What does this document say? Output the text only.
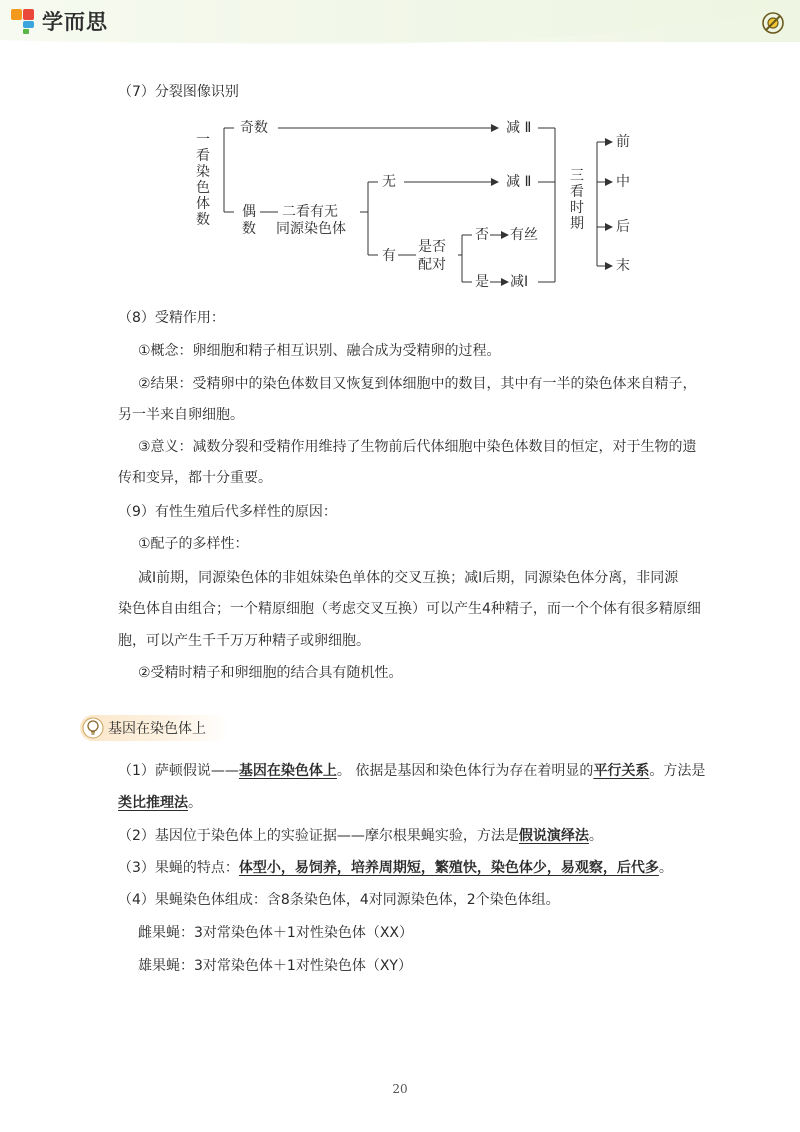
学而思
（7）分裂图像识别
一看染色体数
奇数
偶
数
二看有无
同源染色体
无
有
是否
配对
否
是
减 Ⅱ
减 Ⅱ
有丝
减Ⅰ
三看时期
前
中
后
末
（8）受精作用：
①概念：卵细胞和精子相互识别、融合成为受精卵的过程。
②结果：受精卵中的染色体数目又恢复到体细胞中的数目，其中有一半的染色体来自精子，
另一半来自卵细胞。
③意义：减数分裂和受精作用维持了生物前后代体细胞中染色体数目的恒定，对于生物的遗
传和变异，都十分重要。
（9）有性生殖后代多样性的原因：
①配子的多样性：
减Ⅰ前期，同源染色体的非姐妹染色单体的交叉互换；减Ⅰ后期，同源染色体分离，非同源
染色体自由组合；一个精原细胞（考虑交叉互换）可以产生4种精子，而一个个体有很多精原细
胞，可以产生千千万万种精子或卵细胞。
②受精时精子和卵细胞的结合具有随机性。
基因在染色体上
（1）萨顿假说——基因在染色体上。 依据是基因和染色体行为存在着明显的平行关系。方法是
类比推理法。
（2）基因位于染色体上的实验证据——摩尔根果蝇实验，方法是假说演绎法。
（3）果蝇的特点：体型小，易饲养，培养周期短，繁殖快，染色体少，易观察，后代多。
（4）果蝇染色体组成：含8条染色体，4对同源染色体，2个染色体组。
雌果蝇：3对常染色体＋1对性染色体（XX）
雄果蝇：3对常染色体＋1对性染色体（XY）
20
